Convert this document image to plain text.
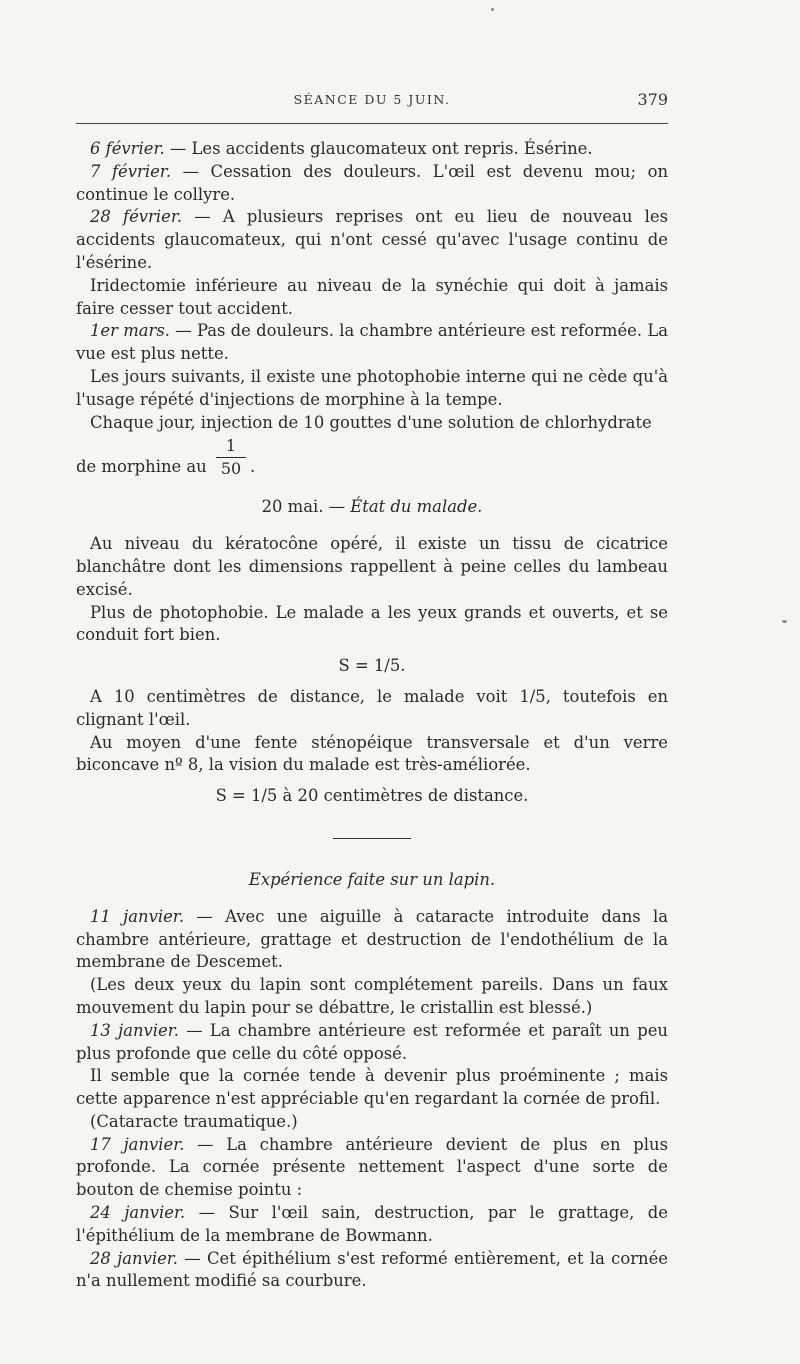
SÉANCE DU 5 JUIN.	379

6 février. — Les accidents glaucomateux ont repris. Ésérine.

7 février. — Cessation des douleurs. L'œil est devenu mou; on continue le collyre.

28 février. — A plusieurs reprises ont eu lieu de nouveau les accidents glaucomateux, qui n'ont cessé qu'avec l'usage continu de l'ésérine.

Iridectomie inférieure au niveau de la synéchie qui doit à jamais faire cesser tout accident.

1er mars. — Pas de douleurs. la chambre antérieure est reformée. La vue est plus nette.

Les jours suivants, il existe une photophobie interne qui ne cède qu'à l'usage répété d'injections de morphine à la tempe.

Chaque jour, injection de 10 gouttes d'une solution de chlorhydrate

de morphine au $\frac{1}{50}$ .

20 mai. — État du malade.

Au niveau du kératocône opéré, il existe un tissu de cicatrice blanchâtre dont les dimensions rappellent à peine celles du lambeau excisé.

Plus de photophobie. Le malade a les yeux grands et ouverts, et se conduit fort bien.

S = 1/5.

A 10 centimètres de distance, le malade voit 1/5, toutefois en clignant l'œil.

Au moyen d'une fente sténopéique transversale et d'un verre biconcave nº 8, la vision du malade est très-améliorée.

S = 1/5 à 20 centimètres de distance.

Expérience faite sur un lapin.

11 janvier. — Avec une aiguille à cataracte introduite dans la chambre antérieure, grattage et destruction de l'endothélium de la membrane de Descemet.

(Les deux yeux du lapin sont complétement pareils. Dans un faux mouvement du lapin pour se débattre, le cristallin est blessé.)

13 janvier. — La chambre antérieure est reformée et paraît un peu plus profonde que celle du côté opposé.

Il semble que la cornée tende à devenir plus proéminente ; mais cette apparence n'est appréciable qu'en regardant la cornée de profil.

(Cataracte traumatique.)

17 janvier. — La chambre antérieure devient de plus en plus profonde. La cornée présente nettement l'aspect d'une sorte de bouton de chemise pointu :

24 janvier. — Sur l'œil sain, destruction, par le grattage, de l'épithélium de la membrane de Bowmann.

28 janvier. — Cet épithélium s'est reformé entièrement, et la cornée n'a nullement modifié sa courbure.
